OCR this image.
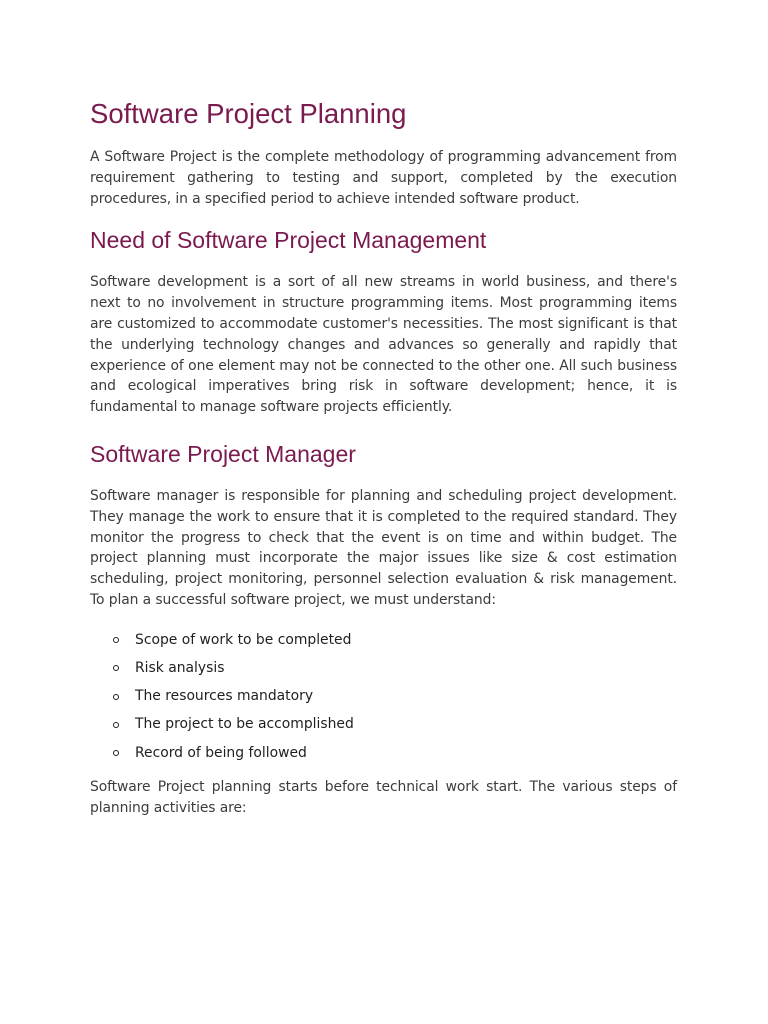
Software Project Planning

A Software Project is the complete methodology of programming advancement from requirement gathering to testing and support, completed by the execution procedures, in a specified period to achieve intended software product.

Need of Software Project Management

Software development is a sort of all new streams in world business, and there's next to no involvement in structure programming items. Most programming items are customized to accommodate customer's necessities. The most significant is that the underlying technology changes and advances so generally and rapidly that experience of one element may not be connected to the other one. All such business and ecological imperatives bring risk in software development; hence, it is fundamental to manage software projects efficiently.

Software Project Manager

Software manager is responsible for planning and scheduling project development. They manage the work to ensure that it is completed to the required standard. They monitor the progress to check that the event is on time and within budget. The project planning must incorporate the major issues like size & cost estimation scheduling, project monitoring, personnel selection evaluation & risk management. To plan a successful software project, we must understand:

Scope of work to be completed
Risk analysis
The resources mandatory
The project to be accomplished
Record of being followed

Software Project planning starts before technical work start. The various steps of planning activities are:
